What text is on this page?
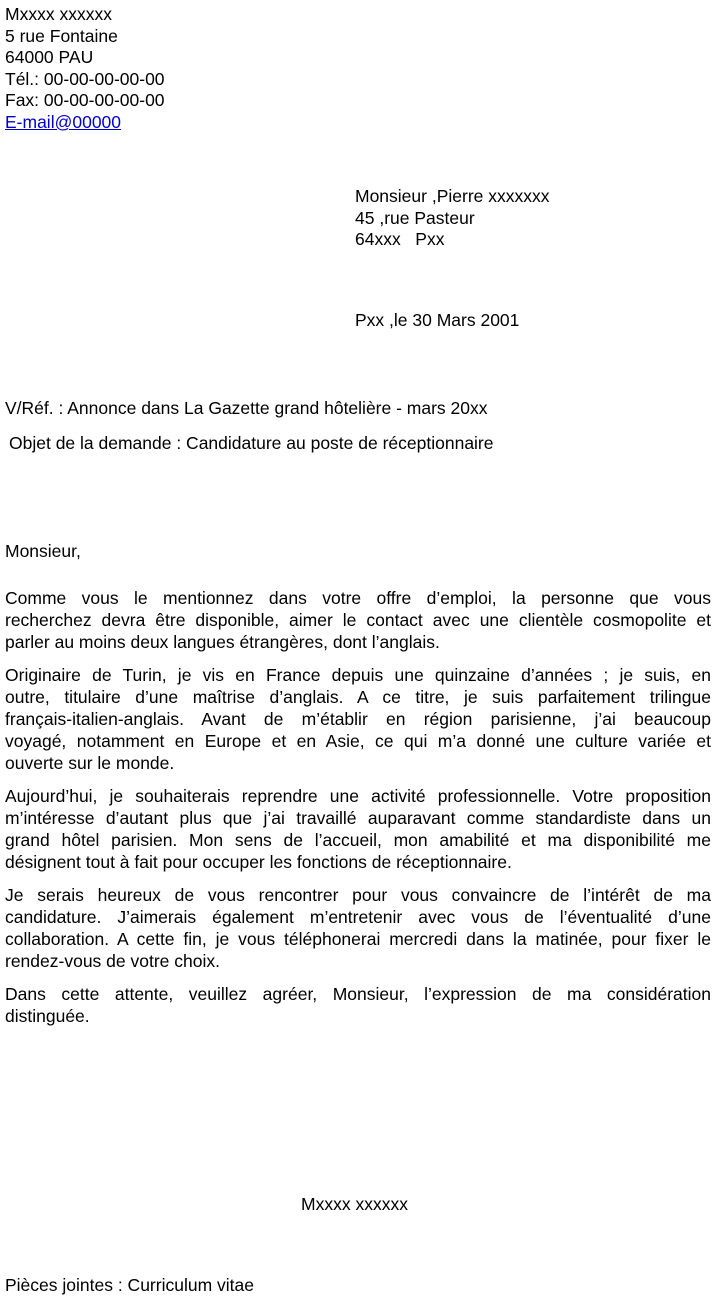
Mxxxx xxxxxx
5 rue Fontaine
64000 PAU
Tél.: 00-00-00-00-00
Fax: 00-00-00-00-00
E-mail@00000
Monsieur ,Pierre xxxxxxx
45 ,rue Pasteur
64xxx   Pxx
Pxx ,le 30 Mars 2001
V/Réf. : Annonce dans La Gazette grand hôtelière - mars 20xx
Objet de la demande : Candidature au poste de réceptionnaire
Monsieur,

Comme vous le mentionnez dans votre offre d’emploi, la personne que vous
recherchez devra être disponible, aimer le contact avec une clientèle cosmopolite et
parler au moins deux langues étrangères, dont l’anglais.

Originaire de Turin, je vis en France depuis une quinzaine d’années ; je suis, en
outre, titulaire d’une maîtrise d’anglais. A ce titre, je suis parfaitement trilingue
français-italien-anglais. Avant de m’établir en région parisienne, j’ai beaucoup
voyagé, notamment en Europe et en Asie, ce qui m’a donné une culture variée et
ouverte sur le monde.

Aujourd’hui, je souhaiterais reprendre une activité professionnelle. Votre proposition
m’intéresse d’autant plus que j’ai travaillé auparavant comme standardiste dans un
grand hôtel parisien. Mon sens de l’accueil, mon amabilité et ma disponibilité me
désignent tout à fait pour occuper les fonctions de réceptionnaire.

Je serais heureux de vous rencontrer pour vous convaincre de l’intérêt de ma
candidature. J’aimerais également m’entretenir avec vous de l’éventualité d’une
collaboration. A cette fin, je vous téléphonerai mercredi dans la matinée, pour fixer le
rendez-vous de votre choix.

Dans cette attente, veuillez agréer, Monsieur, l’expression de ma considération
distinguée.

Mxxxx xxxxxx
Pièces jointes : Curriculum vitae
